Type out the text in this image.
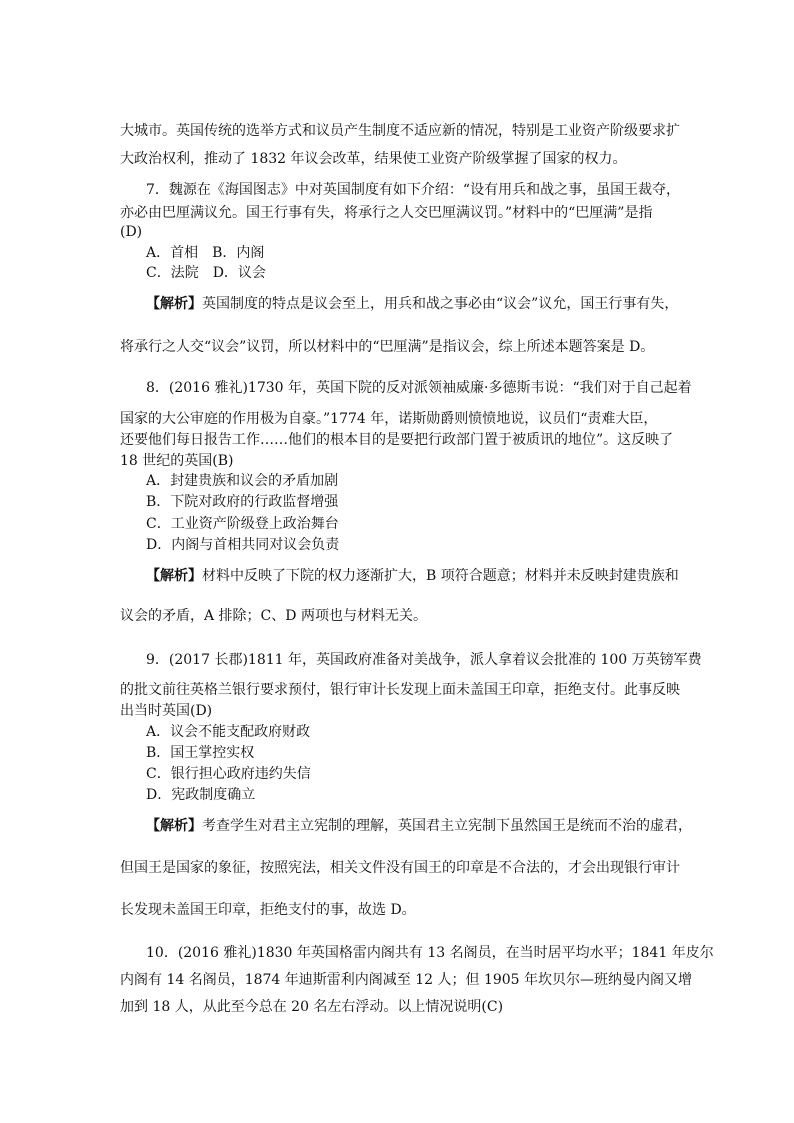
大城市。英国传统的选举方式和议员产生制度不适应新的情况，特别是工业资产阶级要求扩
大政治权利，推动了 1832 年议会改革，结果使工业资产阶级掌握了国家的权力。
7．魏源在《海国图志》中对英国制度有如下介绍：“设有用兵和战之事，虽国王裁夺，
亦必由巴厘满议允。国王行事有失，将承行之人交巴厘满议罚。”材料中的“巴厘满”是指
(D)
A．首相　B．内阁
C．法院　D．议会
【解析】英国制度的特点是议会至上，用兵和战之事必由“议会”议允，国王行事有失，
将承行之人交“议会”议罚，所以材料中的“巴厘满”是指议会，综上所述本题答案是 D。
8．(2016 雅礼)1730 年，英国下院的反对派领袖威廉·多德斯韦说：“我们对于自己起着
国家的大公审庭的作用极为自豪。”1774 年，诺斯勋爵则愤愤地说，议员们“责难大臣，
还要他们每日报告工作……他们的根本目的是要把行政部门置于被质讯的地位”。这反映了
18 世纪的英国(B)
A．封建贵族和议会的矛盾加剧
B．下院对政府的行政监督增强
C．工业资产阶级登上政治舞台
D．内阁与首相共同对议会负责
【解析】材料中反映了下院的权力逐渐扩大，B 项符合题意；材料并未反映封建贵族和
议会的矛盾，A 排除；C、D 两项也与材料无关。
9．(2017 长郡)1811 年，英国政府准备对美战争，派人拿着议会批准的 100 万英镑军费
的批文前往英格兰银行要求预付，银行审计长发现上面未盖国王印章，拒绝支付。此事反映
出当时英国(D)
A．议会不能支配政府财政
B．国王掌控实权
C．银行担心政府违约失信
D．宪政制度确立
【解析】考查学生对君主立宪制的理解，英国君主立宪制下虽然国王是统而不治的虚君，
但国王是国家的象征，按照宪法，相关文件没有国王的印章是不合法的，才会出现银行审计
长发现未盖国王印章，拒绝支付的事，故选 D。
10．(2016 雅礼)1830 年英国格雷内阁共有 13 名阁员，在当时居平均水平；1841 年皮尔
内阁有 14 名阁员，1874 年迪斯雷利内阁减至 12 人；但 1905 年坎贝尔—班纳曼内阁又增
加到 18 人，从此至今总在 20 名左右浮动。以上情况说明(C)
